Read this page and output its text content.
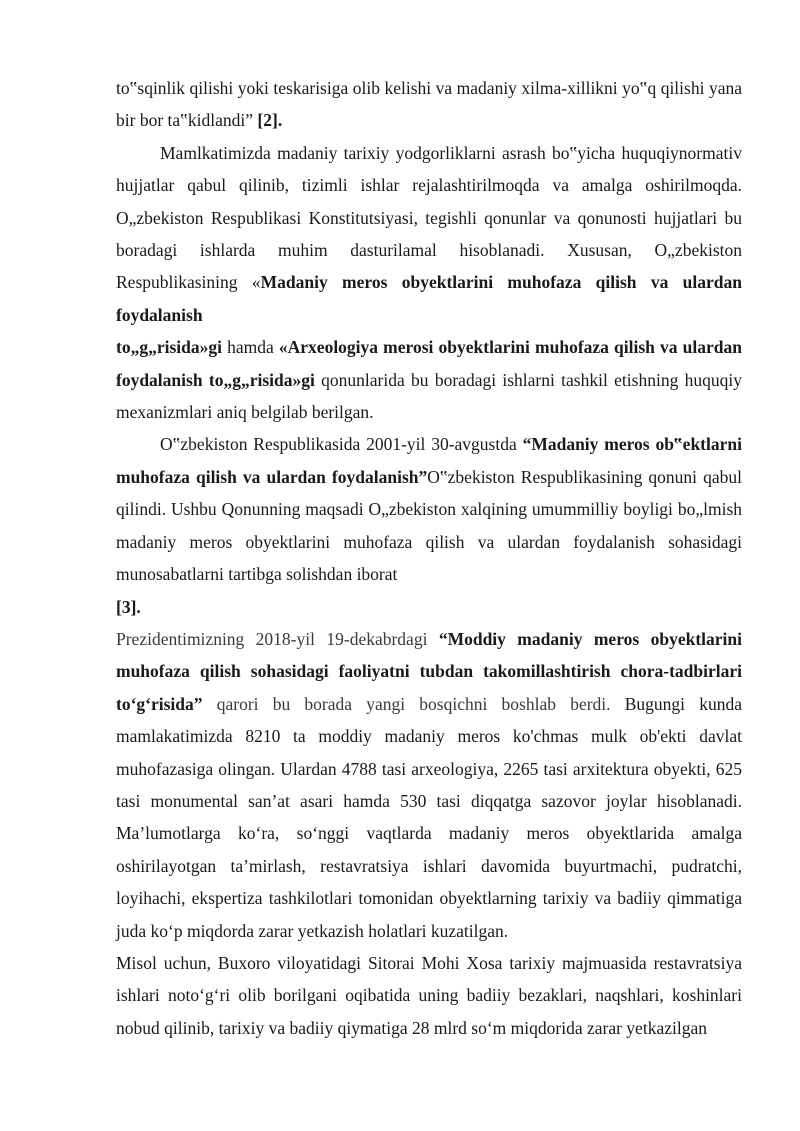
to‟sqinlik qilishi yoki teskarisiga olib kelishi va madaniy xilma-xillikni yo‟q qilishi yana bir bor ta‟kidlandi” [2].

Mamlkatimizda madaniy tarixiy yodgorliklarni asrash bo‟yicha huquqiynormativ hujjatlar qabul qilinib, tizimli ishlar rejalashtirilmoqda va amalga oshirilmoqda. O„zbekiston Respublikasi Konstitutsiyasi, tegishli qonunlar va qonunosti hujjatlari bu boradagi ishlarda muhim dasturilamal hisoblanadi. Xususan, O„zbekiston Respublikasining «Madaniy meros obyektlarini muhofaza qilish va ulardan foydalanish
to„g„risida»gi hamda «Arxeologiya merosi obyektlarini muhofaza qilish va ulardan foydalanish to„g„risida»gi qonunlarida bu boradagi ishlarni tashkil etishning huquqiy mexanizmlari aniq belgilab berilgan.

O‟zbekiston Respublikasida 2001-yil 30-avgustda “Madaniy meros ob‟ektlarni muhofaza qilish va ulardan foydalanish”O‟zbekiston Respublikasining qonuni qabul qilindi. Ushbu Qonunning maqsadi O„zbekiston xalqining umummilliy boyligi bo„lmish madaniy meros obyektlarini muhofaza qilish va ulardan foydalanish sohasidagi munosabatlarni tartibga solishdan iborat
[3].

Prezidentimizning 2018-yil 19-dekabrdagi “Moddiy madaniy meros obyektlarini muhofaza qilish sohasidagi faoliyatni tubdan takomillashtirish chora-tadbirlari to‘g‘risida” qarori bu borada yangi bosqichni boshlab berdi. Bugungi kunda mamlakatimizda 8210 ta moddiy madaniy meros ko'chmas mulk ob'ekti davlat muhofazasiga olingan. Ulardan 4788 tasi arxeologiya, 2265 tasi arxitektura obyekti, 625 tasi monumental san’at asari hamda 530 tasi diqqatga sazovor joylar hisoblanadi. Ma’lumotlarga ko‘ra, so‘nggi vaqtlarda madaniy meros obyektlarida amalga oshirilayotgan ta’mirlash, restavratsiya ishlari davomida buyurtmachi, pudratchi, loyihachi, ekspertiza tashkilotlari tomonidan obyektlarning tarixiy va badiiy qimmatiga juda ko‘p miqdorda zarar yetkazish holatlari kuzatilgan.

Misol uchun, Buxoro viloyatidagi Sitorai Mohi Xosa tarixiy majmuasida restavratsiya ishlari noto‘g‘ri olib borilgani oqibatida uning badiiy bezaklari, naqshlari, koshinlari nobud qilinib, tarixiy va badiiy qiymatiga 28 mlrd so‘m miqdorida zarar yetkazilgan
